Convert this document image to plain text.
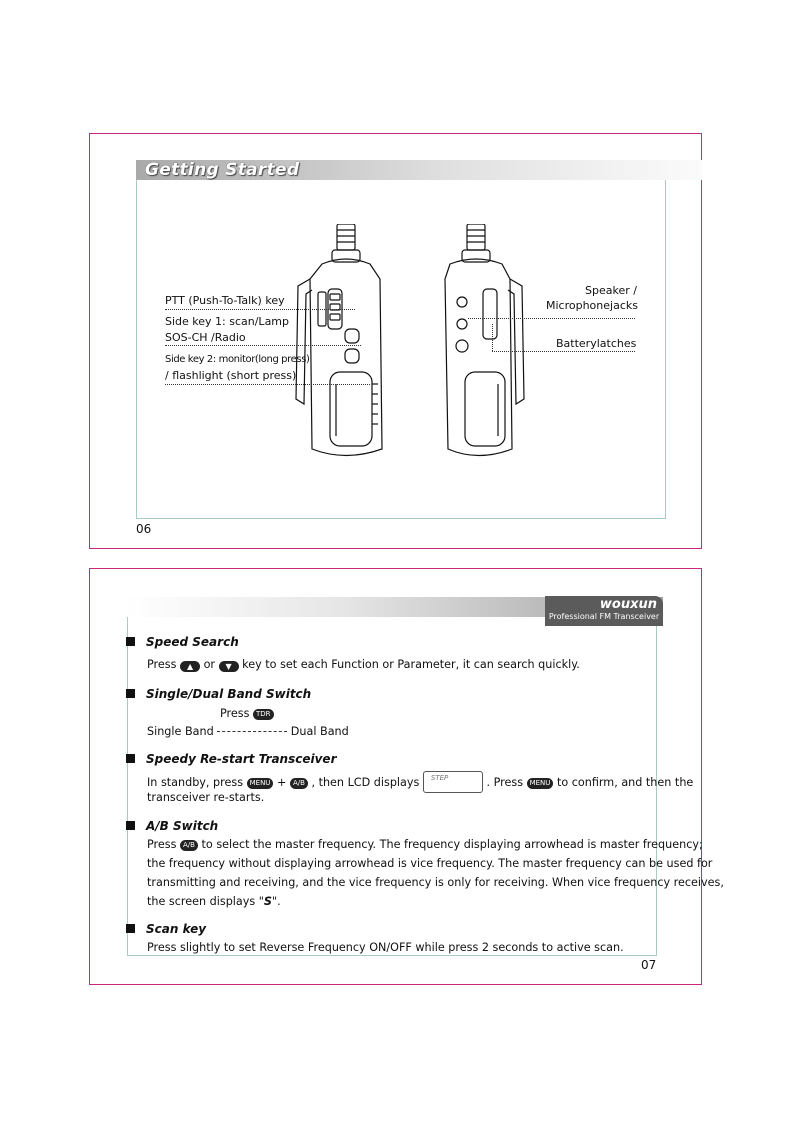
Getting Started
PTT (Push-To-Talk) key
Side key 1: scan/Lamp
SOS-CH /Radio
Side key 2: monitor(long press)
/ flashlight (short press)
Speaker /
Microphonejacks
Batterylatches
06
wouxun
Professional FM Transceiver
Speed Search
Press ▲ or ▼ key to set each Function or Parameter, it can search quickly.
Single/Dual Band Switch
Press TDR
Single Band	Dual Band
Speedy Re-start Transceiver
In standby, press MENU + A/B , then LCD displays STEP	. Press MENU to confirm, and then the
transceiver re-starts.
A/B Switch
Press A/B to select the master frequency. The frequency displaying arrowhead is master frequency;
the frequency without displaying arrowhead is vice frequency. The master frequency can be used for
transmitting and receiving, and the vice frequency is only for receiving. When vice frequency receives,
the screen displays "S".
Scan key
Press slightly to set Reverse Frequency ON/OFF while press 2 seconds to active scan.
07
